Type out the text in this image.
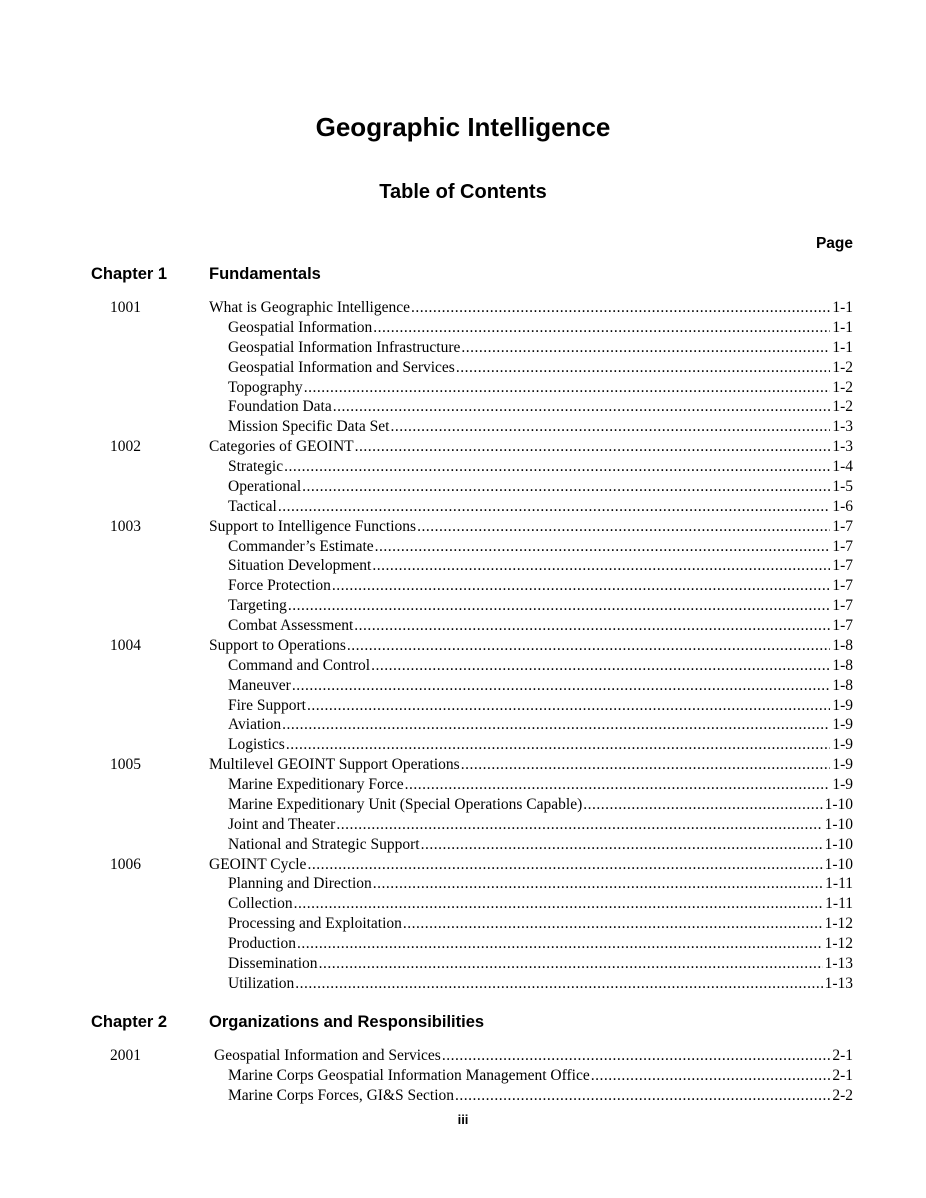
Geographic Intelligence
Table of Contents
Page
Chapter 1	Fundamentals
1001	What is Geographic Intelligence .....	1-1
Geospatial Information .....	1-1
Geospatial Information Infrastructure .....	1-1
Geospatial Information and Services .....	1-2
Topography .....	1-2
Foundation Data .....	1-2
Mission Specific Data Set .....	1-3
1002	Categories of GEOINT .....	1-3
Strategic .....	1-4
Operational .....	1-5
Tactical .....	1-6
1003	Support to Intelligence Functions .....	1-7
Commander’s Estimate .....	1-7
Situation Development .....	1-7
Force Protection .....	1-7
Targeting .....	1-7
Combat Assessment .....	1-7
1004	Support to Operations .....	1-8
Command and Control .....	1-8
Maneuver .....	1-8
Fire Support .....	1-9
Aviation .....	1-9
Logistics .....	1-9
1005	Multilevel GEOINT Support Operations .....	1-9
Marine Expeditionary Force .....	1-9
Marine Expeditionary Unit (Special Operations Capable) .....	1-10
Joint and Theater .....	1-10
National and Strategic Support .....	1-10
1006	GEOINT Cycle .....	1-10
Planning and Direction .....	1-11
Collection .....	1-11
Processing and Exploitation .....	1-12
Production .....	1-12
Dissemination .....	1-13
Utilization .....	1-13
Chapter 2	Organizations and Responsibilities
2001	Geospatial Information and Services .....	2-1
Marine Corps Geospatial Information Management Office .....	2-1
Marine Corps Forces, GI&S Section .....	2-2
iii
